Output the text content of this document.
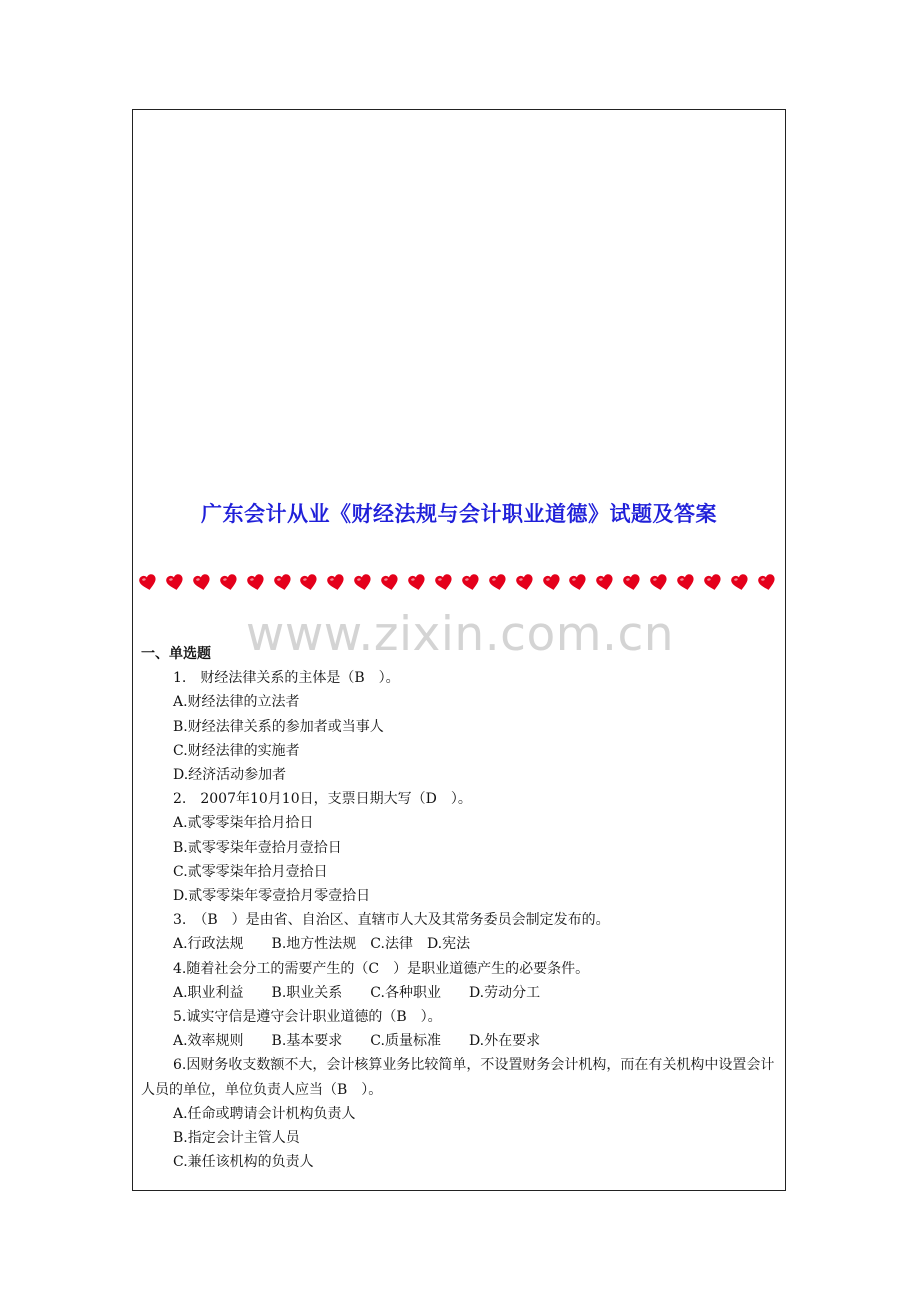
广东会计从业《财经法规与会计职业道德》试题及答案
www.zixin.com.cn
一、单选题
1.　财经法律关系的主体是（B　）。
A.财经法律的立法者
B.财经法律关系的参加者或当事人
C.财经法律的实施者
D.经济活动参加者
2.　2007年10月10日，支票日期大写（D　）。
A.贰零零柒年拾月拾日
B.贰零零柒年壹拾月壹拾日
C.贰零零柒年拾月壹拾日
D.贰零零柒年零壹拾月零壹拾日
3.　（B　）是由省、自治区、直辖市人大及其常务委员会制定发布的。
A.行政法规　　B.地方性法规　C.法律　D.宪法
4.随着社会分工的需要产生的（C　）是职业道德产生的必要条件。
A.职业利益　　B.职业关系　　C.各种职业　　D.劳动分工
5.诚实守信是遵守会计职业道德的（B　）。
A.效率规则　　B.基本要求　　C.质量标准　　D.外在要求
6.因财务收支数额不大，会计核算业务比较简单，不设置财务会计机构，而在有关机构中设置会计人员的单位，单位负责人应当（B　）。
A.任命或聘请会计机构负责人
B.指定会计主管人员
C.兼任该机构的负责人
